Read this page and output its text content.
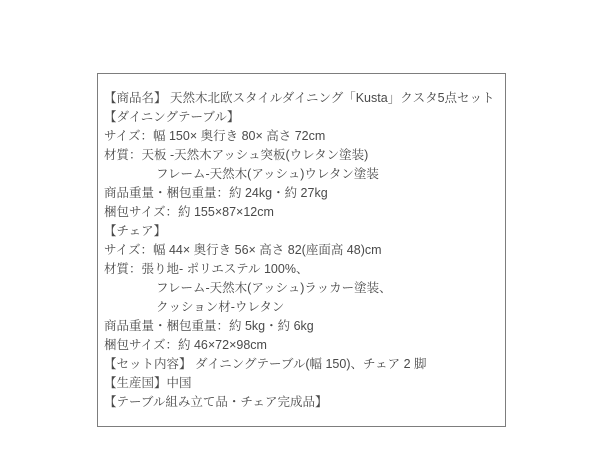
【商品名】 天然木北欧スタイルダイニング「Kusta」クスタ5点セット
【ダイニングテーブル】
サイズ：幅 150× 奥行き 80× 高さ 72cm
材質：天板 -天然木アッシュ突板(ウレタン塗装)
フレーム-天然木(アッシュ)ウレタン塗装
商品重量・梱包重量：約 24kg・約 27kg
梱包サイズ：約 155×87×12cm
【チェア】
サイズ：幅 44× 奥行き 56× 高さ 82(座面高 48)cm
材質：張り地- ポリエステル 100%、
フレーム-天然木(アッシュ)ラッカー塗装、
クッション材-ウレタン
商品重量・梱包重量：約 5kg・約 6kg
梱包サイズ：約 46×72×98cm
【セット内容】 ダイニングテーブル(幅 150)、チェア 2 脚
【生産国】中国
【テーブル組み立て品・チェア完成品】
